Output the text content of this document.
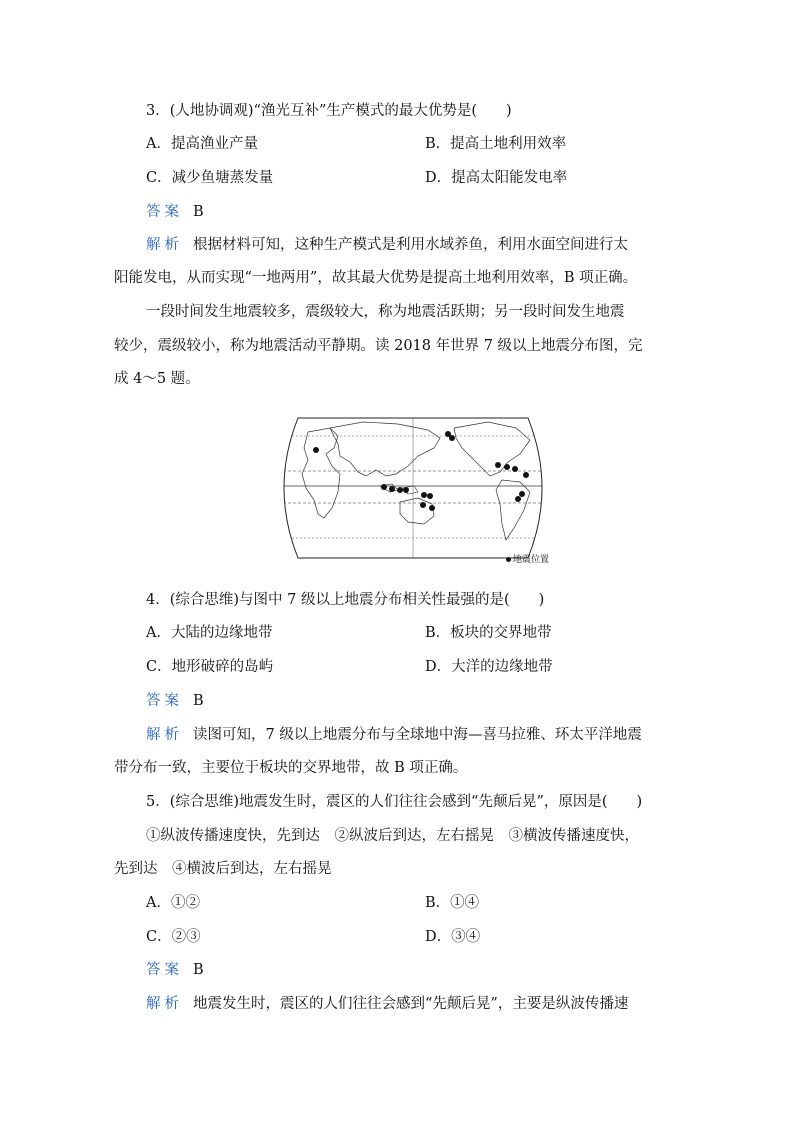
3．(人地协调观)“渔光互补”生产模式的最大优势是(　　)
A．提高渔业产量	B．提高土地利用效率
C．减少鱼塘蒸发量	D．提高太阳能发电率
答案 B
解析 根据材料可知，这种生产模式是利用水域养鱼，利用水面空间进行太
阳能发电，从而实现“一地两用”，故其最大优势是提高土地利用效率，B 项正确。
一段时间发生地震较多，震级较大，称为地震活跃期；另一段时间发生地震
较少，震级较小，称为地震活动平静期。读 2018 年世界 7 级以上地震分布图，完
成 4～5 题。
地震位置
4．(综合思维)与图中 7 级以上地震分布相关性最强的是(　　)
A．大陆的边缘地带	B．板块的交界地带
C．地形破碎的岛屿	D．大洋的边缘地带
答案 B
解析 读图可知，7 级以上地震分布与全球地中海—喜马拉雅、环太平洋地震
带分布一致，主要位于板块的交界地带，故 B 项正确。
5．(综合思维)地震发生时，震区的人们往往会感到“先颠后晃”，原因是(　　)
①纵波传播速度快，先到达　②纵波后到达，左右摇晃　③横波传播速度快，
先到达　④横波后到达，左右摇晃
A．①②	B．①④
C．②③	D．③④
答案 B
解析 地震发生时，震区的人们往往会感到“先颠后晃”，主要是纵波传播速
